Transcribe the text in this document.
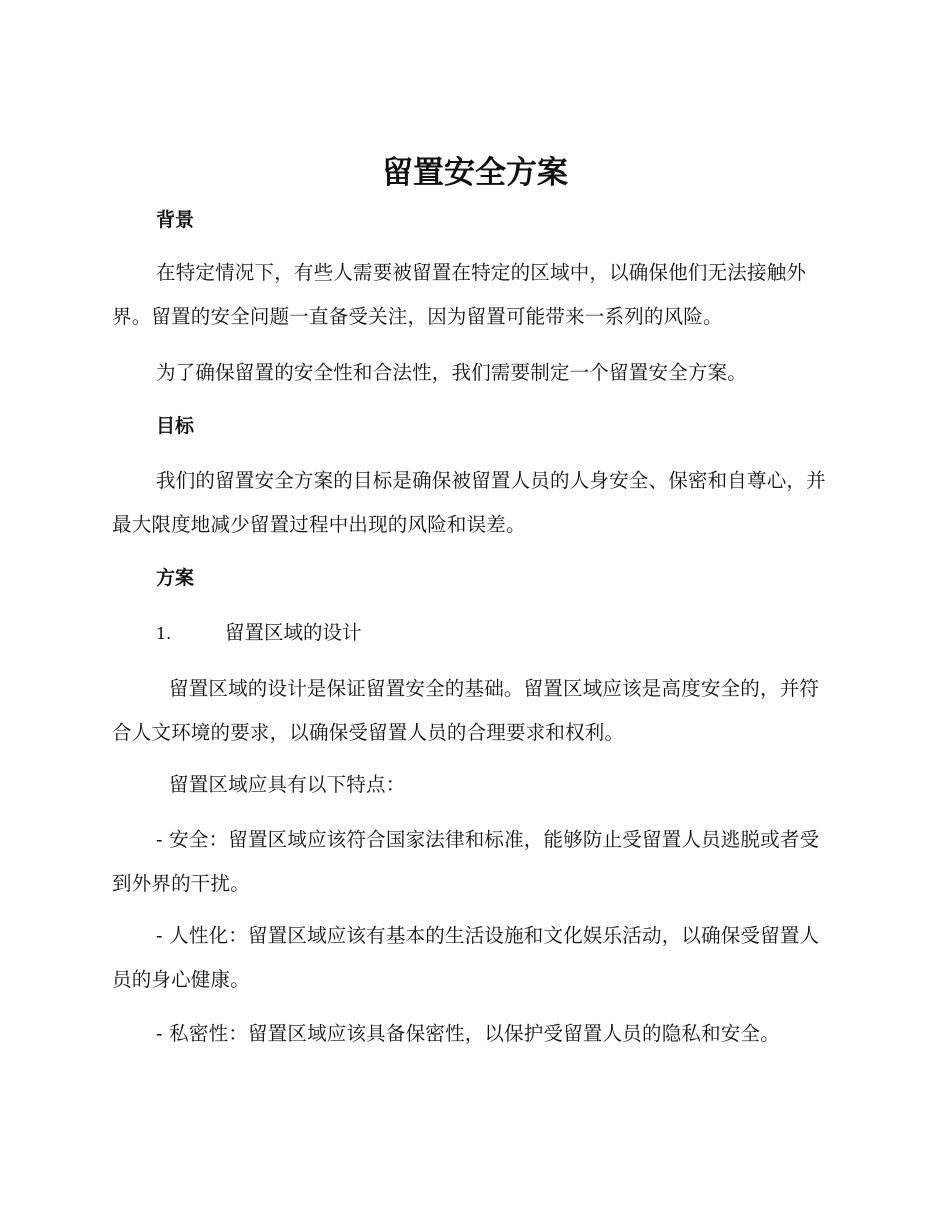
留置安全方案
背景

在特定情况下，有些人需要被留置在特定的区域中，以确保他们无法接触外界。留置的安全问题一直备受关注，因为留置可能带来一系列的风险。

为了确保留置的安全性和合法性，我们需要制定一个留置安全方案。

目标

我们的留置安全方案的目标是确保被留置人员的人身安全、保密和自尊心，并最大限度地减少留置过程中出现的风险和误差。

方案
1.	留置区域的设计

留置区域的设计是保证留置安全的基础。留置区域应该是高度安全的，并符合人文环境的要求，以确保受留置人员的合理要求和权利。

留置区域应具有以下特点：

- 安全：留置区域应该符合国家法律和标准，能够防止受留置人员逃脱或者受到外界的干扰。

- 人性化：留置区域应该有基本的生活设施和文化娱乐活动，以确保受留置人员的身心健康。

- 私密性：留置区域应该具备保密性，以保护受留置人员的隐私和安全。
